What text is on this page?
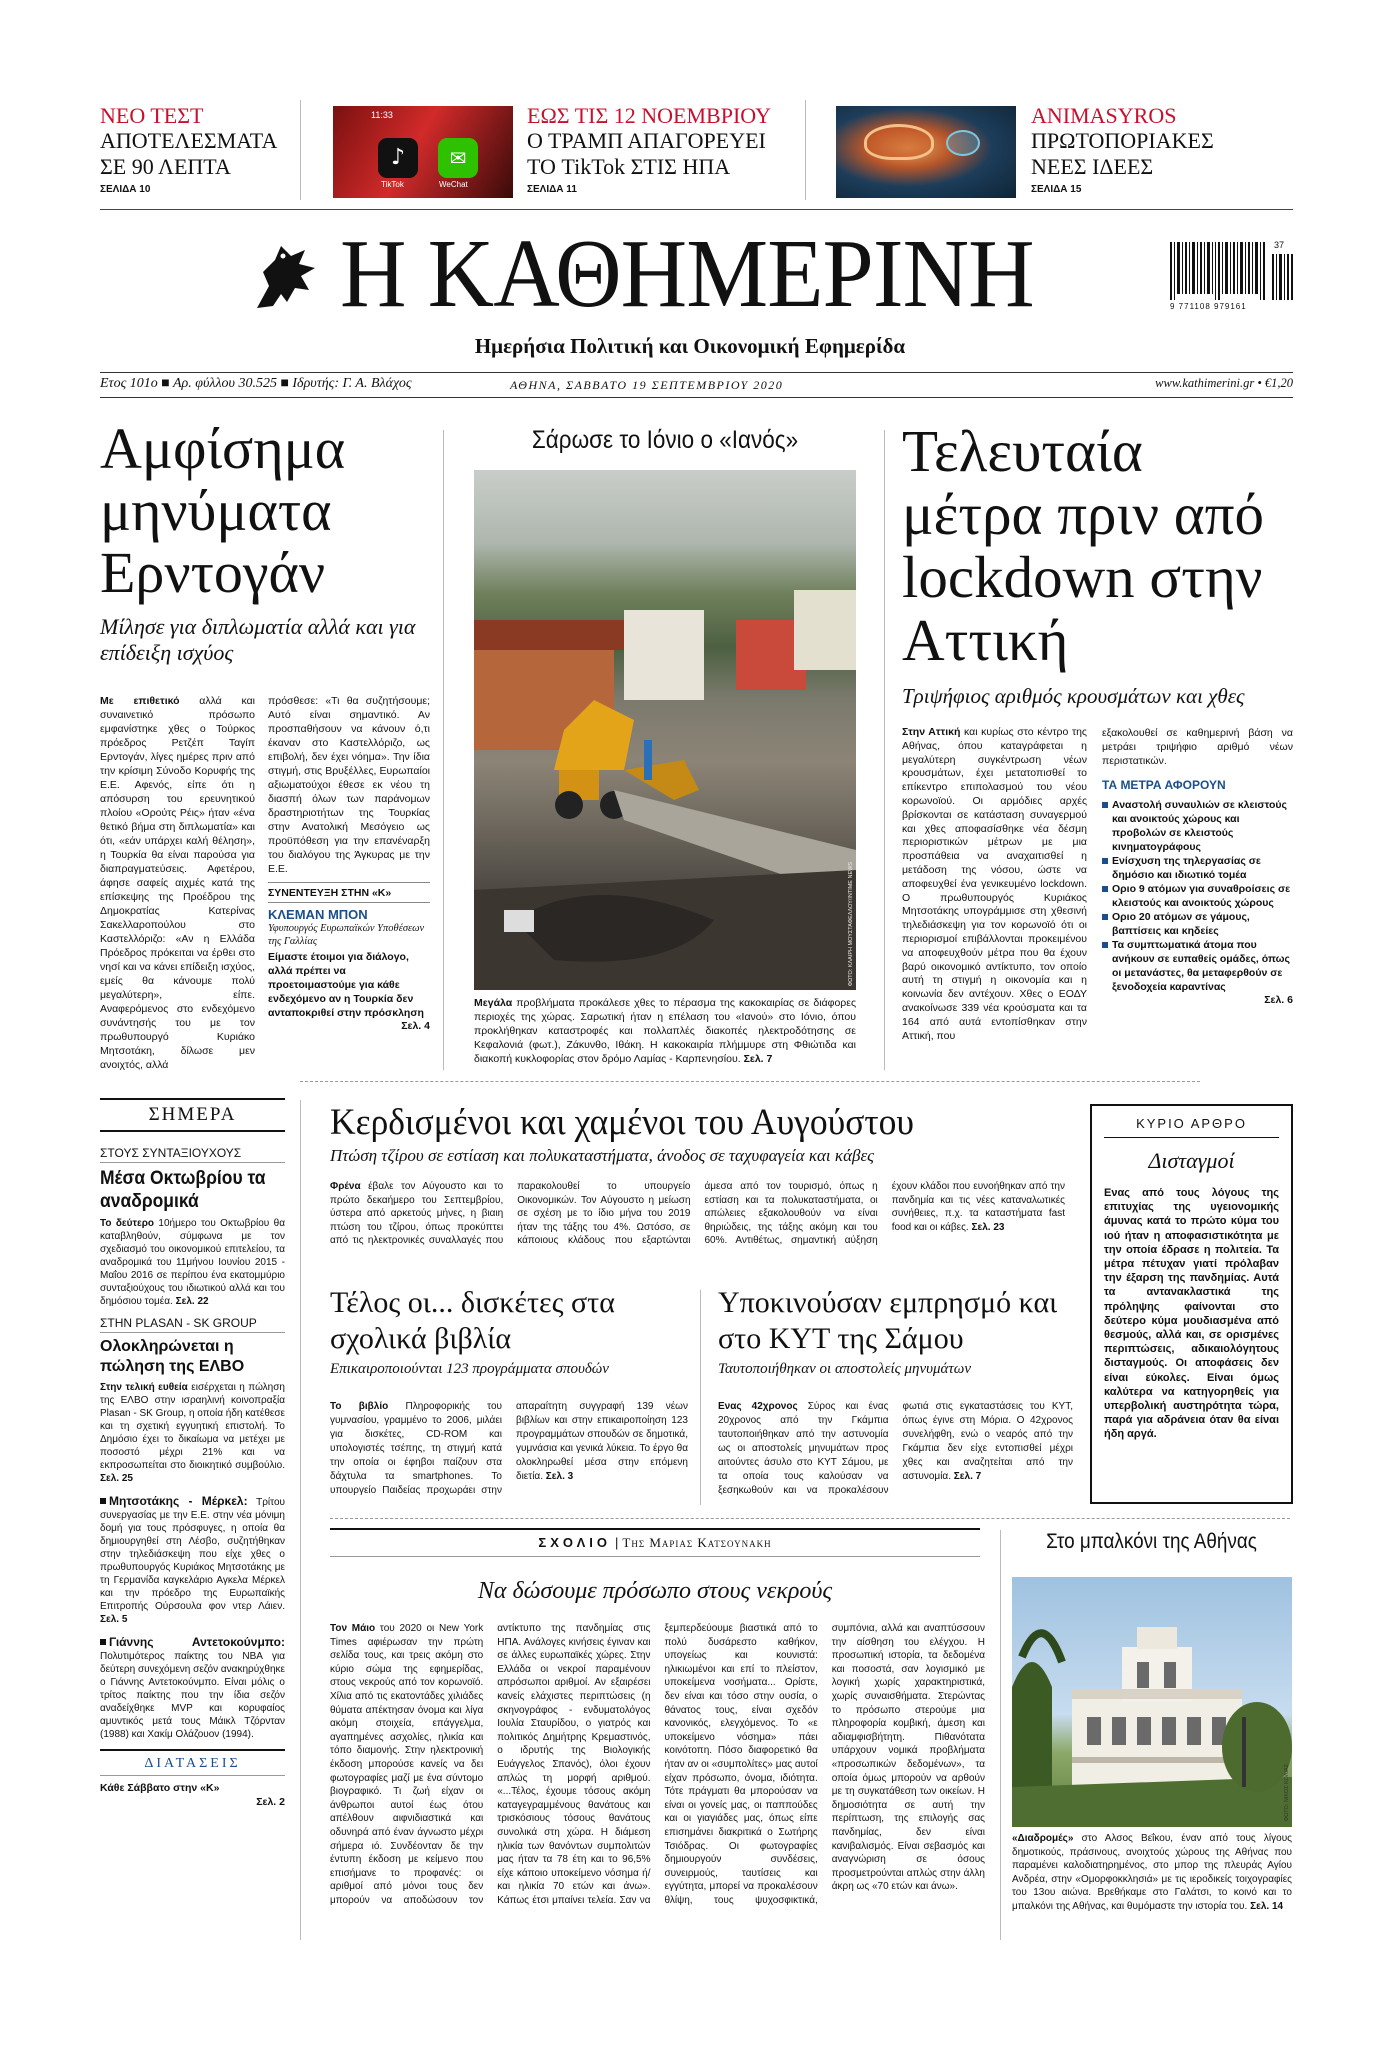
ΝΕΟ ΤΕΣΤ
ΑΠΟΤΕΛΕΣΜΑΤΑ ΣΕ 90 ΛΕΠΤΑ
ΣΕΛΙΔΑ 10
11:33
♪
TikTok
✉
WeChat
ΕΩΣ ΤΙΣ 12 ΝΟΕΜΒΡΙΟΥ
Ο ΤΡΑΜΠ ΑΠΑΓΟΡΕΥΕΙ ΤΟ TikTok ΣΤΙΣ ΗΠΑ
ΣΕΛΙΔΑ 11
ANIMASYROS
ΠΡΩΤΟΠΟΡΙΑΚΕΣ ΝΕΕΣ ΙΔΕΕΣ
ΣΕΛΙΔΑ 15
Η ΚΑΘΗΜΕΡΙΝΗ
Ημερήσια Πολιτική και Οικονομική Εφημερίδα
37
9 771108 979161
Ετος 101ο ■ Αρ. φύλλου 30.525 ■ Ιδρυτής: Γ. Α. Βλάχος	ΑΘΗΝΑ, ΣΑΒΒΑΤΟ 19 ΣΕΠΤΕΜΒΡΙΟΥ 2020	www.kathimerini.gr • €1,20
Αμφίσημα μηνύματα Ερντογάν
Μίλησε για διπλωματία αλλά και για επίδειξη ισχύος
Με επιθετικό αλλά και συναινετικό πρόσωπο εμφανίστηκε χθες ο Τούρκος πρόεδρος Ρετζέπ Ταγίπ Ερντογάν, λίγες ημέρες πριν από την κρίσιμη Σύνοδο Κορυφής της Ε.Ε. Αφενός, είπε ότι η απόσυρση του ερευνητικού πλοίου «Ορούτς Ρέις» ήταν «ένα θετικό βήμα στη διπλωματία» και ότι, «εάν υπάρχει καλή θέληση», η Τουρκία θα είναι παρούσα για διαπραγματεύσεις. Αφετέρου, άφησε σαφείς αιχμές κατά της επίσκεψης της Προέδρου της Δημοκρατίας Κατερίνας Σακελλαροπούλου στο Καστελλόριζο: «Αν η Ελλάδα Πρόεδρος πρόκειται να έρθει στο νησί και να κάνει επίδειξη ισχύος, εμείς θα κάνουμε πολύ μεγαλύτερη», είπε. Αναφερόμενος στο ενδεχόμενο συνάντησής του με τον πρωθυπουργό Κυριάκο Μητσοτάκη, δίλωσε μεν ανοιχτός, αλλά
πρόσθεσε: «Τι θα συζητήσουμε; Αυτό είναι σημαντικό. Αν προσπαθήσουν να κάνουν ό,τι έκαναν στο Καστελλόριζο, ως επιβολή, δεν έχει νόημα». Την ίδια στιγμή, στις Βρυξέλλες, Ευρωπαίοι αξιωματούχοι έθεσε εκ νέου τη διασπή όλων των παράνομων δραστηριοτήτων της Τουρκίας στην Ανατολική Μεσόγειο ως προϋπόθεση για την επανέναρξη του διαλόγου της Άγκυρας με την Ε.Ε.
ΣΥΝΕΝΤΕΥΞΗ ΣΤΗΝ «Κ»
ΚΛΕΜΑΝ ΜΠΟΝ
Υφυπουργός Ευρωπαϊκών Υποθέσεων της Γαλλίας
Είμαστε έτοιμοι για διάλογο, αλλά πρέπει να προετοιμαστούμε για κάθε ενδεχόμενο αν η Τουρκία δεν ανταποκριθεί στην πρόσκληση
Σελ. 4
Σάρωσε το Ιόνιο ο «Ιανός»
ΦΩΤΟ: ΚΛΑΙΡΗ ΜΟΥΣΤΑΦΕΛΛΟΥ/INTIME NEWS
Μεγάλα προβλήματα προκάλεσε χθες το πέρασμα της κακοκαιρίας σε διάφορες περιοχές της χώρας. Σαρωτική ήταν η επέλαση του «Ιανού» στο Ιόνιο, όπου προκλήθηκαν καταστροφές και πολλαπλές διακοπές ηλεκτροδότησης σε Κεφαλονιά (φωτ.), Ζάκυνθο, Ιθάκη. Η κακοκαιρία πλήμμυρε στη Φθιώτιδα και διακοπή κυκλοφορίας στον δρόμο Λαμίας - Καρπενησίου. Σελ. 7
Τελευταία μέτρα πριν από lockdown στην Αττική
Τριψήφιος αριθμός κρουσμάτων και χθες
Στην Αττική και κυρίως στο κέντρο της Αθήνας, όπου καταγράφεται η μεγαλύτερη συγκέντρωση νέων κρουσμάτων, έχει μετατοπισθεί το επίκεντρο επιπολασμού του νέου κορωνοϊού. Οι αρμόδιες αρχές βρίσκονται σε κατάσταση συναγερμού και χθες αποφασίσθηκε νέα δέσμη περιοριστικών μέτρων με μια προσπάθεια να αναχαιτισθεί η μετάδοση της νόσου, ώστε να αποφευχθεί ένα γενικευμένο lockdown. Ο πρωθυπουργός Κυριάκος Μητσοτάκης υπογράμμισε στη χθεσινή τηλεδιάσκεψη για τον κορωνοϊό ότι οι περιορισμοί επιβάλλονται προκειμένου να αποφευχθούν μέτρα που θα έχουν βαρύ οικονομικό αντίκτυπο, τον οποίο αυτή τη στιγμή η οικονομία και η κοινωνία δεν αντέχουν. Χθες ο ΕΟΔΥ ανακοίνωσε 339 νέα κρούσματα και τα 164 από αυτά εντοπίσθηκαν στην Αττική, που
εξακολουθεί σε καθημερινή βάση να μετράει τριψήφιο αριθμό νέων περιστατικών.
ΤΑ ΜΕΤΡΑ ΑΦΟΡΟΥΝ
Αναστολή συναυλιών σε κλειστούς και ανοικτούς χώρους και προβολών σε κλειστούς κινηματογράφους
Ενίσχυση της τηλεργασίας σε δημόσιο και ιδιωτικό τομέα
Οριο 9 ατόμων για συναθροίσεις σε κλειστούς και ανοικτούς χώρους
Οριο 20 ατόμων σε γάμους, βαπτίσεις και κηδείες
Τα συμπτωματικά άτομα που ανήκουν σε ευπαθείς ομάδες, όπως οι μετανάστες, θα μεταφερθούν σε ξενοδοχεία καραντίνας
Σελ. 6
ΣΗΜΕΡΑ
ΣΤΟΥΣ ΣΥΝΤΑΞΙΟΥΧΟΥΣ
Μέσα Οκτωβρίου τα αναδρομικά
Το δεύτερο 10ήμερο του Οκτωβρίου θα καταβληθούν, σύμφωνα με τον σχεδιασμό του οικονομικού επιτελείου, τα αναδρομικά του 11μήνου Ιουνίου 2015 - Μαΐου 2016 σε περίπου ένα εκατομμύριο συνταξιούχους του ιδιωτικού αλλά και του δημόσιου τομέα. Σελ. 22
ΣΤΗΝ PLASAN - SK GROUP
Ολοκληρώνεται η πώληση της ΕΛΒΟ
Στην τελική ευθεία εισέρχεται η πώληση της ΕΛΒΟ στην ισραηλινή κοινοπραξία Plasan - SK Group, η οποία ήδη κατέθεσε και τη σχετική εγγυητική επιστολή. Το Δημόσιο έχει το δικαίωμα να μετέχει με ποσοστό μέχρι 21% και να εκπροσωπείται στο διοικητικό συμβούλιο. Σελ. 25
Μητσοτάκης - Μέρκελ: Τρίτου συνεργασίας με την Ε.Ε. στην νέα μόνιμη δομή για τους πρόσφυγες, η οποία θα δημιουργηθεί στη Λέσβο, συζητήθηκαν στην τηλεδιάσκεψη που είχε χθες ο πρωθυπουργός Κυριάκος Μητσοτάκης με τη Γερμανίδα καγκελάριο Αγκελα Μέρκελ και την πρόεδρο της Ευρωπαϊκής Επιτροπής Ούρσουλα φον ντερ Λάιεν. Σελ. 5
Γιάννης Αντετοκούνμπο: Πολυτιμότερος παίκτης του NBA για δεύτερη συνεχόμενη σεζόν ανακηρύχθηκε ο Γιάννης Αντετοκούνμπο. Είναι μόλις ο τρίτος παίκτης που την ίδια σεζόν αναδείχθηκε MVP και κορυφαίος αμυντικός μετά τους Μάικλ Τζόρνταν (1988) και Χακίμ Ολάζουον (1994).
ΔΙΑΤΑΣΕΙΣ
Κάθε Σάββατο στην «Κ»
Σελ. 2
Κερδισμένοι και χαμένοι του Αυγούστου
Πτώση τζίρου σε εστίαση και πολυκαταστήματα, άνοδος σε ταχυφαγεία και κάβες
Φρένα έβαλε τον Αύγουστο και το πρώτο δεκαήμερο του Σεπτεμβρίου, ύστερα από αρκετούς μήνες, η βιαιη πτώση του τζίρου, όπως προκύπτει από τις ηλεκτρονικές συναλλαγές που παρακολουθεί το υπουργείο Οικονομικών. Τον Αύγουστο η μείωση σε σχέση με το ίδιο μήνα του 2019 ήταν της τάξης του 4%. Ωστόσο, σε κάποιους κλάδους που εξαρτώνται άμεσα από τον τουρισμό, όπως η εστίαση και τα πολυκαταστήματα, οι απώλειες εξακολουθούν να είναι θηριώδεις, της τάξης ακόμη και του 60%. Αντιθέτως, σημαντική αύξηση έχουν κλάδοι που ευνοήθηκαν από την πανδημία και τις νέες καταναλωτικές συνήθειες, π.χ. τα καταστήματα fast food και οι κάβες. Σελ. 23
Τέλος οι... δισκέτες στα σχολικά βιβλία
Επικαιροποιούνται 123 προγράμματα σπουδών
Το βιβλίο Πληροφορικής του γυμνασίου, γραμμένο το 2006, μιλάει για δισκέτες, CD-ROM και υπολογιστές τσέπης, τη στιγμή κατά την οποία οι έφηβοι παίζουν στα δάχτυλα τα smartphones. Το υπουργείο Παιδείας προχωράει στην απαραίτητη συγγραφή 139 νέων βιβλίων και στην επικαιροποίηση 123 προγραμμάτων σπουδών σε δημοτικά, γυμνάσια και γενικά λύκεια. Το έργο θα ολοκληρωθεί μέσα στην επόμενη διετία. Σελ. 3
Υποκινούσαν εμπρησμό και στο ΚΥΤ της Σάμου
Ταυτοποιήθηκαν οι αποστολείς μηνυμάτων
Ενας 42χρονος Σύρος και ένας 20χρονος από την Γκάμπια ταυτοποιήθηκαν από την αστυνομία ως οι αποστολείς μηνυμάτων προς αιτούντες άσυλο στο ΚΥΤ Σάμου, με τα οποία τους καλούσαν να ξεσηκωθούν και να προκαλέσουν φωτιά στις εγκαταστάσεις του ΚΥΤ, όπως έγινε στη Μόρια. Ο 42χρονος συνελήφθη, ενώ ο νεαρός από την Γκάμπια δεν είχε εντοπισθεί μέχρι χθες και αναζητείται από την αστυνομία. Σελ. 7
ΚΥΡΙΟ ΑΡΘΡΟ
Δισταγμοί
Ενας από τους λόγους της επιτυχίας της υγειονομικής άμυνας κατά το πρώτο κύμα του ιού ήταν η αποφασιστικότητα με την οποία έδρασε η πολιτεία. Τα μέτρα πέτυχαν γιατί πρόλαβαν την έξαρση της πανδημίας. Αυτά τα αντανακλαστικά της πρόληψης φαίνονται στο δεύτερο κύμα μουδιασμένα από θεσμούς, αλλά και, σε ορισμένες περιπτώσεις, αδικαιολόγητους δισταγμούς. Οι αποφάσεις δεν είναι εύκολες. Είναι όμως καλύτερα να κατηγορηθείς για υπερβολική αυστηρότητα τώρα, παρά για αδράνεια όταν θα είναι ήδη αργά.
ΣΧΟΛΙΟ | Της Μαριας Κατσουνακη
Να δώσουμε πρόσωπο στους νεκρούς
Τον Μάιο του 2020 οι New York Times αφιέρωσαν την πρώτη σελίδα τους, και τρεις ακόμη στο κύριο σώμα της εφημερίδας, στους νεκρούς από τον κορωνοϊό. Χίλια από τις εκατοντάδες χιλιάδες θύματα απέκτησαν όνομα και λίγα ακόμη στοιχεία, επάγγελμα, αγαπημένες ασχολίες, ηλικία και τόπο διαμονής. Στην ηλεκτρονική έκδοση μπορούσε κανείς να δει φωτογραφίες μαζί με ένα σύντομο βιογραφικό. Τι ζωή είχαν οι άνθρωποι αυτοί έως ότου απέλθουν αιφνιδιαστικά και οδυνηρά από έναν άγνωστο μέχρι σήμερα ιό. Συνδέονταν δε την έντυπη έκδοση με κείμενο που επισήμανε το προφανές: οι αριθμοί από μόνοι τους δεν μπορούν να αποδώσουν τον αντίκτυπο της πανδημίας στις ΗΠΑ. Ανάλογες κινήσεις έγιναν και σε άλλες ευρωπαϊκές χώρες. Στην Ελλάδα οι νεκροί παραμένουν απρόσωποι αριθμοί. Αν εξαιρέσει κανείς ελάχιστες περιπτώσεις (η σκηνογράφος - ενδυματολόγος Ιουλία Σταυρίδου, ο γιατρός και πολιτικός Δημήτρης Κρεμαστινός, ο ιδρυτής της Βιολογικής Ευάγγελος Σπανός), όλοι έχουν απλώς τη μορφή αριθμού. «...Τέλος, έχουμε τόσους ακόμη καταγεγραμμένους θανάτους και τρισκόσιους τόσους θανάτους συνολικά στη χώρα. Η διάμεση ηλικία των θανόντων συμπολιτών μας ήταν τα 78 έτη και το 96,5% είχε κάποιο υποκείμενο νόσημα ή/και ηλικία 70 ετών και άνω». Κάπως έτσι μπαίνει τελεία. Σαν να ξεμπερδεύουμε βιαστικά από το πολύ δυσάρεστο καθήκον, υπογείως και κουνιστά: ηλικιωμένοι και επί το πλείστον, υποκείμενα νοσήματα... Ορίστε, δεν είναι και τόσο στην ουσία, ο θάνατος τους, είναι σχεδόν κανονικός, ελεγχόμενος. Το «ε υποκείμενο νόσημα» πάει κοινότοπη. Πόσο διαφορετικό θα ήταν αν οι «συμπολίτες» μας αυτοί είχαν πρόσωπο, όνομα, ιδιότητα. Τότε πράγματι θα μπορούσαν να είναι οι γονείς μας, οι παππούδες και οι γιαγιάδες μας, όπως είπε επισημάνει διακριτικά ο Σωτήρης Τσιόδρας. Οι φωτογραφίες δημιουργούν συνδέσεις, συνειρμούς, ταυτίσεις και εγγύτητα, μπορεί να προκαλέσουν θλίψη, τους ψυχοσφικτικά, συμπόνια, αλλά και αναπτύσσουν την αίσθηση του ελέγχου. Η προσωπική ιστορία, τα δεδομένα και ποσοστά, σαν λογισμικό με λογική χωρίς χαρακτηριστικά, χωρίς συναισθήματα. Στερώντας το πρόσωπο στερούμε μια πληροφορία κομβική, άμεση και αδιαμφισβήτητη. Πιθανότατα υπάρχουν νομικά προβλήματα «προσωπικών δεδομένων», τα οποία όμως μπορούν να αρθούν με τη συγκατάθεση των οικείων. Η δημοσιότητα σε αυτή την περίπτωση, της επιλογής σας πανδημίας, δεν είναι κανιβαλισμός. Είναι σεβασμός και αναγνώριση σε όσους προσμετρούνται απλώς στην άλλη άκρη ως «70 ετών και άνω».
Στο μπαλκόνι της Αθήνας
ΦΩΤΟ: ΝΙΚΟΣ ΚΟΛΙΑΣ
«Διαδρομές» στο Αλσος Βεΐκου, έναν από τους λίγους δημοτικούς, πράσινους, ανοιχτούς χώρους της Αθήνας που παραμένει καλοδιατηρημένος, στο μπορ της πλευράς Αγίου Ανδρέα, στην «Ομορφοκκλησιά» με τις ιεροδικείς τοιχογραφίες του 13ου αιώνα. Βρεθήκαμε στο Γαλάτσι, το κοινό και το μπαλκόνι της Αθήνας, και θυμόμαστε την ιστορία του. Σελ. 14
